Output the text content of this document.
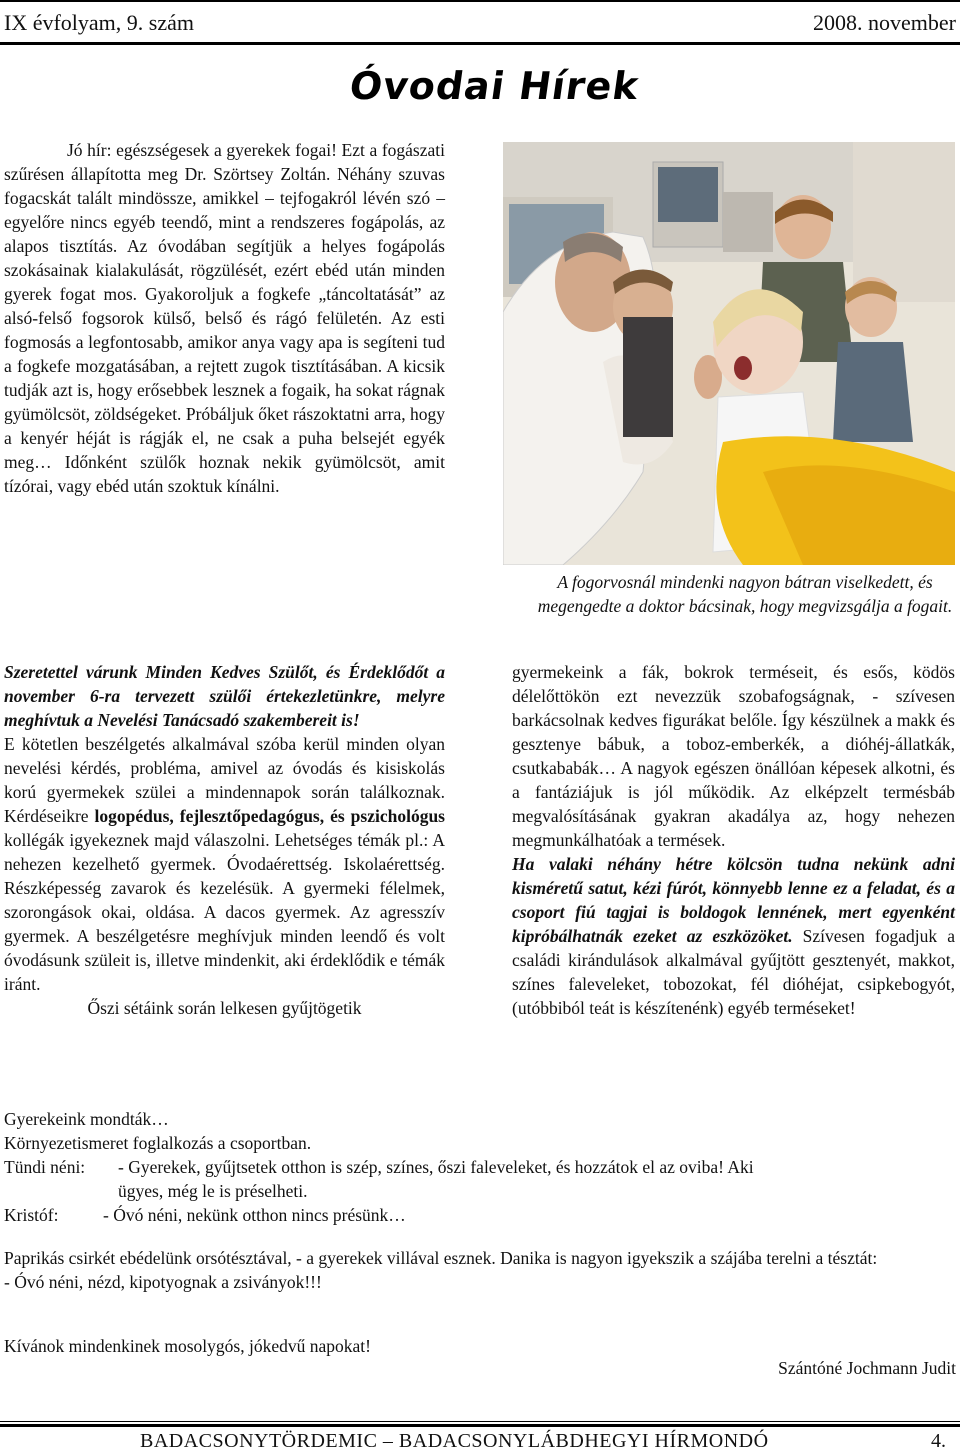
IX évfolyam, 9. szám	2008. november
Óvodai Hírek
Jó hír: egészségesek a gyerekek fogai! Ezt a fogászati szűrésen állapította meg Dr. Szörtsey Zoltán. Néhány szuvas fogacskát talált mindössze, amikkel – tejfogakról lévén szó – egyelőre nincs egyéb teendő, mint a rendszeres fogápolás, az alapos tisztítás. Az óvodában segítjük a helyes fogápolás szokásainak kialakulását, rögzülését, ezért ebéd után minden gyerek fogat mos. Gyakoroljuk a fogkefe „táncoltatását” az alsó-felső fogsorok külső, belső és rágó felületén. Az esti fogmosás a legfontosabb, amikor anya vagy apa is segíteni tud a fogkefe mozgatásában, a rejtett zugok tisztításában. A kicsik tudják azt is, hogy erősebbek lesznek a fogaik, ha sokat rágnak gyümölcsöt, zöldségeket. Próbáljuk őket rászoktatni arra, hogy a kenyér héját is rágják el, ne csak a puha belsejét egyék meg… Időnként szülők hoznak nekik gyümölcsöt, amit tízórai, vagy ebéd után szoktuk kínálni.
A fogorvosnál mindenki nagyon bátran viselkedett, és megengedte a doktor bácsinak, hogy megvizsgálja a fogait.
Szeretettel várunk Minden Kedves Szülőt, és Érdeklődőt a november 6-ra tervezett szülői értekezletünkre, melyre meghívtuk a Nevelési Tanácsadó szakembereit is!
E kötetlen beszélgetés alkalmával szóba kerül minden olyan nevelési kérdés, probléma, amivel az óvodás és kisiskolás korú gyermekek szülei a mindennapok során találkoznak. Kérdéseikre logopédus, fejlesztőpedagógus, és pszichológus kollégák igyekeznek majd válaszolni. Lehetséges témák pl.: A nehezen kezelhető gyermek. Óvodaérettség. Iskolaérettség. Részképesség zavarok és kezelésük. A gyermeki félelmek, szorongások okai, oldása. A dacos gyermek. Az agresszív gyermek. A beszélgetésre meghívjuk minden leendő és volt óvodásunk szüleit is, illetve mindenkit, aki érdeklődik e témák iránt.
Őszi sétáink során lelkesen gyűjtögetik
gyermekeink a fák, bokrok terméseit, és esős, ködös délelőttökön ezt nevezzük szobafogságnak, - szívesen barkácsolnak kedves figurákat belőle. Így készülnek a makk és gesztenye bábuk, a toboz-emberkék, a dióhéj-állatkák, csutkababák… A nagyok egészen önállóan képesek alkotni, és a fantáziájuk is jól működik. Az elképzelt termésbáb megvalósításának gyakran akadálya az, hogy nehezen megmunkálhatóak a termések.
Ha valaki néhány hétre kölcsön tudna nekünk adni kisméretű satut, kézi fúrót, könnyebb lenne ez a feladat, és a csoport fiú tagjai is boldogok lennének, mert egyenként kipróbálhatnák ezeket az eszközöket. Szívesen fogadjuk a családi kirándulások alkalmával gyűjtött gesztenyét, makkot, színes faleveleket, tobozokat, fél dióhéjat, csipkebogyót, (utóbbiból teát is készítenénk) egyéb terméseket!
Gyerekeink mondták…
Környezetismeret foglalkozás a csoportban.
Tündi néni:	- Gyerekek, gyűjtsetek otthon is szép, színes, őszi faleveleket, és hozzátok el az oviba! Aki ügyes, még le is préselheti.
Kristóf:	- Óvó néni, nekünk otthon nincs présünk…
Paprikás csirkét ebédelünk orsótésztával, - a gyerekek villával esznek. Danika is nagyon igyekszik a szájába terelni a tésztát:
- Óvó néni, nézd, kipotyognak a zsiványok!!!
Kívánok mindenkinek mosolygós, jókedvű napokat!
Szántóné Jochmann Judit
BADACSONYTÖRDEMIC – BADACSONYLÁBDHEGYI HÍRMONDÓ	4.
